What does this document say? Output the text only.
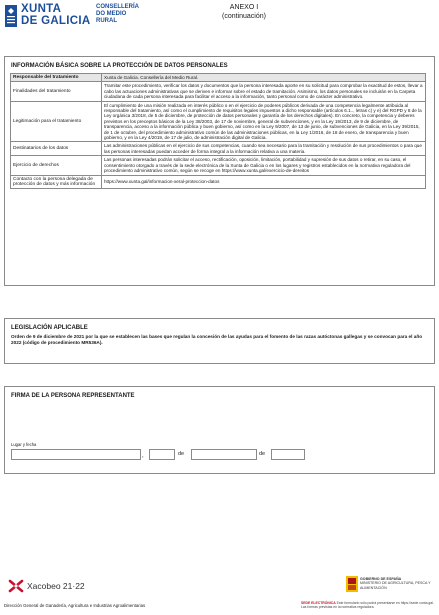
XUNTA
DE GALICIA
CONSELLERÍA
DO MEDIO
RURAL
ANEXO I
(continuación)
INFORMACIÓN BÁSICA SOBRE LA PROTECCIÓN DE DATOS PERSONALES
Responsable del tratamiento	Xunta de Galicia. Consellería del Medio Rural.
Finalidades del tratamiento	Tramitar este procedimiento, verificar los datos y documentos que la persona interesada aporte en su solicitud para comprobar la exactitud de estos, llevar a cabo las actuaciones administrativas que se deriven e informar sobre el estado de tramitación. Asimismo, los datos personales se incluirán en la Carpeta ciudadana de cada persona interesada para facilitar el acceso a la información, tanto personal como de carácter administrativo.
Legitimación para el tratamiento	El cumplimiento de una misión realizada en interés público o en el ejercicio de poderes públicos derivada de una competencia legalmente atribuida al responsable del tratamiento, así como el cumplimiento de requisitos legales impuestos a dicho responsable (artículos 6.1.., letras c) y e) del RGPD y 8 de la Ley orgánica 3/2018, de 5 de diciembre, de protección de datos personales y garantía de los derechos digitales). En concreto, la competencia y deberes previstos en los preceptos básicos de la Ley 38/2003, de 17 de noviembre, general de subvenciones, y en la Ley 19/2013, de 9 de diciembre, de transparencia, acceso a la información pública y buen gobierno, así como en la Ley 9/2007, de 13 de junio, de subvenciones de Galicia, en la Ley 39/2015, de 1 de octubre, del procedimiento administrativo común de las administraciones públicas, en la Ley 1/2016, de 18 de enero, de transparencia y buen gobierno, y en la Ley 4/2019, de 17 de julio, de administración digital de Galicia.
Destinatarios de los datos	Las administraciones públicas en el ejercicio de sus competencias, cuando sea necesario para la tramitación y resolución de sus procedimientos o para que las personas interesadas puedan acceder de forma integral a la información relativa a una materia.
Ejercicio de derechos	Las personas interesadas podrán solicitar el acceso, rectificación, oposición, limitación, portabilidad y supresión de sus datos o retirar, en su caso, el consentimiento otorgado a través de la sede electrónica de la Xunta de Galicia o en los lugares y registros establecidos en la normativa reguladora del procedimiento administrativo común, según se recoge en https://www.xunta.gal/exercicio-de-dereitos
Contacto con la persona delegada de protección de datos y más información	https://www.xunta.gal/informacion-xeral-proteccion-datos
LEGISLACIÓN APLICABLE
Orden de 9 de diciembre de 2021 por la que se establecen las bases que regulan la concesión de las ayudas para el fomento de las razas autóctonas gallegas y se convocan para el año 2022 (código de procedimiento MR536A).
FIRMA DE LA PERSONA REPRESENTANTE
Lugar y fecha
,	de	de
Xacobeo 21·22
GOBIERNO DE ESPAÑA
MINISTERIO DE AGRICULTURA, PESCA Y ALIMENTACIÓN
Dirección General de Ganadería, Agricultura e Industrias Agroalimentarias	SEDE ELECTRÓNICA Este formulario sólo podrá presentarse en https://sede.xunta.gal. Las formas previstas en la normativa reguladora.
